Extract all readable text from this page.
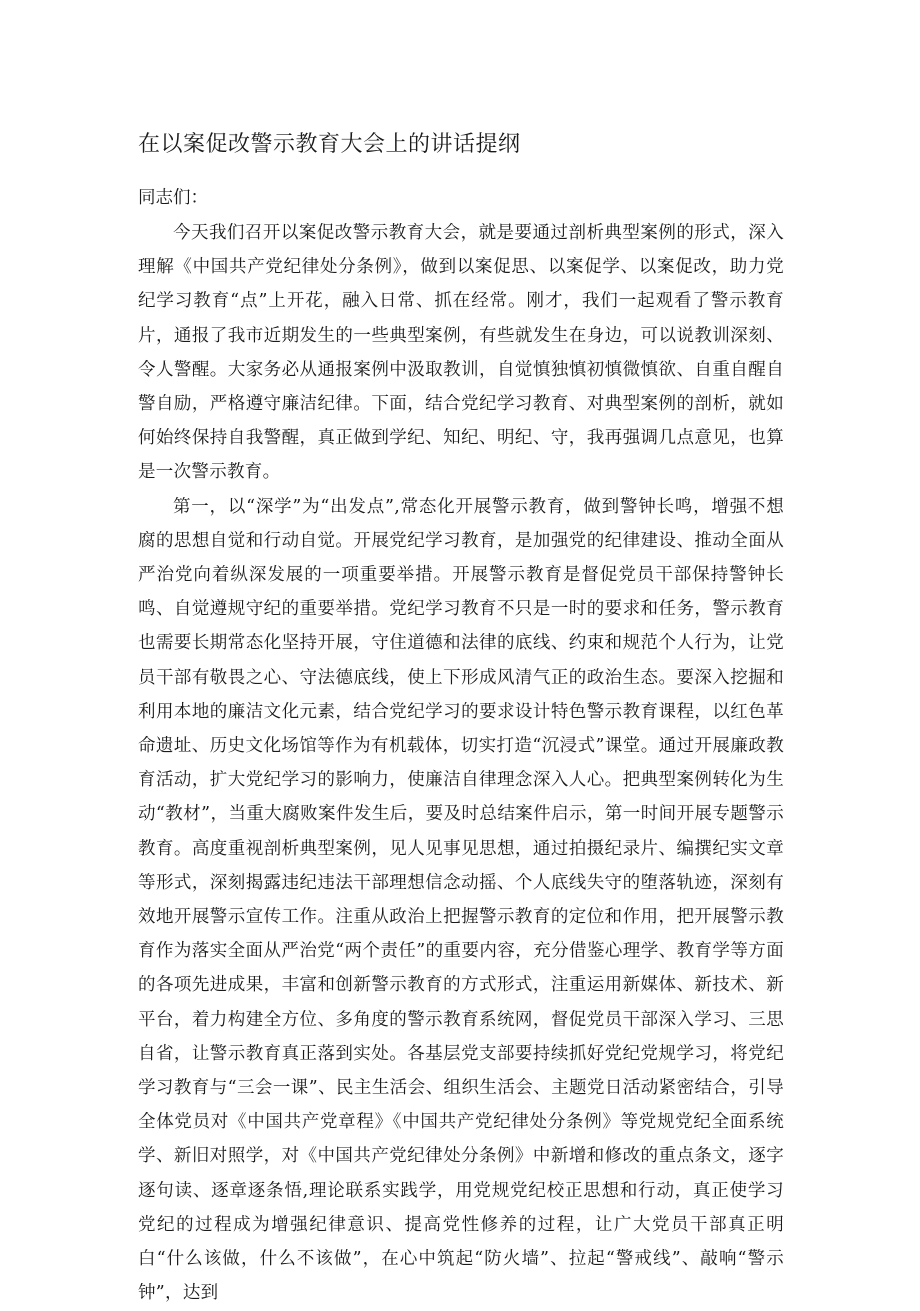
在以案促改警示教育大会上的讲话提纲

同志们：

今天我们召开以案促改警示教育大会，就是要通过剖析典型案例的形式，深入理解《中国共产党纪律处分条例》，做到以案促思、以案促学、以案促改，助力党纪学习教育“点”上开花，融入日常、抓在经常。刚才，我们一起观看了警示教育片，通报了我市近期发生的一些典型案例，有些就发生在身边，可以说教训深刻、令人警醒。大家务必从通报案例中汲取教训，自觉慎独慎初慎微慎欲、自重自醒自警自励，严格遵守廉洁纪律。下面，结合党纪学习教育、对典型案例的剖析，就如何始终保持自我警醒，真正做到学纪、知纪、明纪、守，我再强调几点意见，也算是一次警示教育。

第一，以“深学”为“出发点”,常态化开展警示教育，做到警钟长鸣，增强不想腐的思想自觉和行动自觉。开展党纪学习教育，是加强党的纪律建设、推动全面从严治党向着纵深发展的一项重要举措。开展警示教育是督促党员干部保持警钟长鸣、自觉遵规守纪的重要举措。党纪学习教育不只是一时的要求和任务，警示教育也需要长期常态化坚持开展，守住道德和法律的底线、约束和规范个人行为，让党员干部有敬畏之心、守法德底线，使上下形成风清气正的政治生态。要深入挖掘和利用本地的廉洁文化元素，结合党纪学习的要求设计特色警示教育课程，以红色革命遗址、历史文化场馆等作为有机载体，切实打造“沉浸式”课堂。通过开展廉政教育活动，扩大党纪学习的影响力，使廉洁自律理念深入人心。把典型案例转化为生动“教材”，当重大腐败案件发生后，要及时总结案件启示，第一时间开展专题警示教育。高度重视剖析典型案例，见人见事见思想，通过拍摄纪录片、编撰纪实文章等形式，深刻揭露违纪违法干部理想信念动摇、个人底线失守的堕落轨迹，深刻有效地开展警示宣传工作。注重从政治上把握警示教育的定位和作用，把开展警示教育作为落实全面从严治党“两个责任”的重要内容，充分借鉴心理学、教育学等方面的各项先进成果，丰富和创新警示教育的方式形式，注重运用新媒体、新技术、新平台，着力构建全方位、多角度的警示教育系统网，督促党员干部深入学习、三思自省，让警示教育真正落到实处。各基层党支部要持续抓好党纪党规学习，将党纪学习教育与“三会一课”、民主生活会、组织生活会、主题党日活动紧密结合，引导全体党员对《中国共产党章程》《中国共产党纪律处分条例》等党规党纪全面系统学、新旧对照学，对《中国共产党纪律处分条例》中新增和修改的重点条文，逐字逐句读、逐章逐条悟,理论联系实践学，用党规党纪校正思想和行动，真正使学习党纪的过程成为增强纪律意识、提高党性修养的过程，让广大党员干部真正明白“什么该做，什么不该做”，在心中筑起“防火墙”、拉起“警戒线”、敲响“警示钟”，达到
